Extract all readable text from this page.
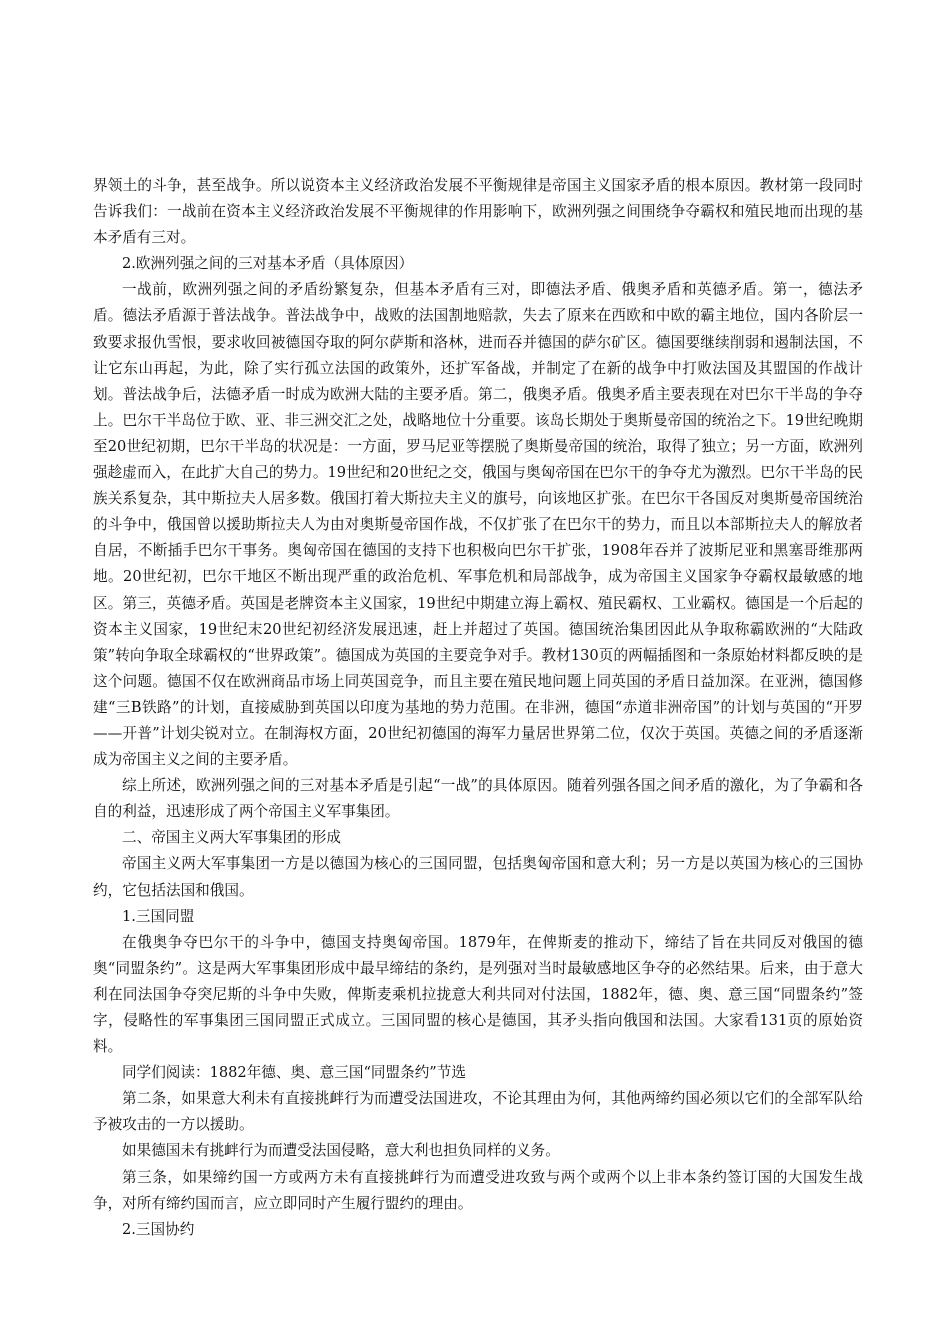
界领土的斗争，甚至战争。所以说资本主义经济政治发展不平衡规律是帝国主义国家矛盾的根本原因。教材第一段同时告诉我们：一战前在资本主义经济政治发展不平衡规律的作用影响下，欧洲列强之间围绕争夺霸权和殖民地而出现的基本矛盾有三对。

2.欧洲列强之间的三对基本矛盾（具体原因）

一战前，欧洲列强之间的矛盾纷繁复杂，但基本矛盾有三对，即德法矛盾、俄奥矛盾和英德矛盾。第一，德法矛盾。德法矛盾源于普法战争。普法战争中，战败的法国割地赔款，失去了原来在西欧和中欧的霸主地位，国内各阶层一致要求报仇雪恨，要求收回被德国夺取的阿尔萨斯和洛林，进而吞并德国的萨尔矿区。德国要继续削弱和遏制法国，不让它东山再起，为此，除了实行孤立法国的政策外，还扩军备战，并制定了在新的战争中打败法国及其盟国的作战计划。普法战争后，法德矛盾一时成为欧洲大陆的主要矛盾。第二，俄奥矛盾。俄奥矛盾主要表现在对巴尔干半岛的争夺上。巴尔干半岛位于欧、亚、非三洲交汇之处，战略地位十分重要。该岛长期处于奥斯曼帝国的统治之下。19世纪晚期至20世纪初期，巴尔干半岛的状况是：一方面，罗马尼亚等摆脱了奥斯曼帝国的统治，取得了独立；另一方面，欧洲列强趁虚而入，在此扩大自己的势力。19世纪和20世纪之交，俄国与奥匈帝国在巴尔干的争夺尤为激烈。巴尔干半岛的民族关系复杂，其中斯拉夫人居多数。俄国打着大斯拉夫主义的旗号，向该地区扩张。在巴尔干各国反对奥斯曼帝国统治的斗争中，俄国曾以援助斯拉夫人为由对奥斯曼帝国作战，不仅扩张了在巴尔干的势力，而且以本部斯拉夫人的解放者自居，不断插手巴尔干事务。奥匈帝国在德国的支持下也积极向巴尔干扩张，1908年吞并了波斯尼亚和黑塞哥维那两地。20世纪初，巴尔干地区不断出现严重的政治危机、军事危机和局部战争，成为帝国主义国家争夺霸权最敏感的地区。第三，英德矛盾。英国是老牌资本主义国家，19世纪中期建立海上霸权、殖民霸权、工业霸权。德国是一个后起的资本主义国家，19世纪末20世纪初经济发展迅速，赶上并超过了英国。德国统治集团因此从争取称霸欧洲的“大陆政策”转向争取全球霸权的“世界政策”。德国成为英国的主要竞争对手。教材130页的两幅插图和一条原始材料都反映的是这个问题。德国不仅在欧洲商品市场上同英国竞争，而且主要在殖民地问题上同英国的矛盾日益加深。在亚洲，德国修建“三B铁路”的计划，直接威胁到英国以印度为基地的势力范围。在非洲，德国“赤道非洲帝国”的计划与英国的“开罗——开普”计划尖锐对立。在制海权方面，20世纪初德国的海军力量居世界第二位，仅次于英国。英德之间的矛盾逐渐成为帝国主义之间的主要矛盾。

综上所述，欧洲列强之间的三对基本矛盾是引起“一战”的具体原因。随着列强各国之间矛盾的激化，为了争霸和各自的利益，迅速形成了两个帝国主义军事集团。

二、帝国主义两大军事集团的形成

帝国主义两大军事集团一方是以德国为核心的三国同盟，包括奥匈帝国和意大利；另一方是以英国为核心的三国协约，它包括法国和俄国。

1.三国同盟

在俄奥争夺巴尔干的斗争中，德国支持奥匈帝国。1879年，在俾斯麦的推动下，缔结了旨在共同反对俄国的德奥“同盟条约”。这是两大军事集团形成中最早缔结的条约，是列强对当时最敏感地区争夺的必然结果。后来，由于意大利在同法国争夺突尼斯的斗争中失败，俾斯麦乘机拉拢意大利共同对付法国，1882年，德、奥、意三国“同盟条约”签字，侵略性的军事集团三国同盟正式成立。三国同盟的核心是德国，其矛头指向俄国和法国。大家看131页的原始资料。

同学们阅读：1882年德、奥、意三国“同盟条约”节选

第二条，如果意大利未有直接挑衅行为而遭受法国进攻，不论其理由为何，其他两缔约国必须以它们的全部军队给予被攻击的一方以援助。

如果德国未有挑衅行为而遭受法国侵略，意大利也担负同样的义务。

第三条，如果缔约国一方或两方未有直接挑衅行为而遭受进攻致与两个或两个以上非本条约签订国的大国发生战争，对所有缔约国而言，应立即同时产生履行盟约的理由。

2.三国协约
